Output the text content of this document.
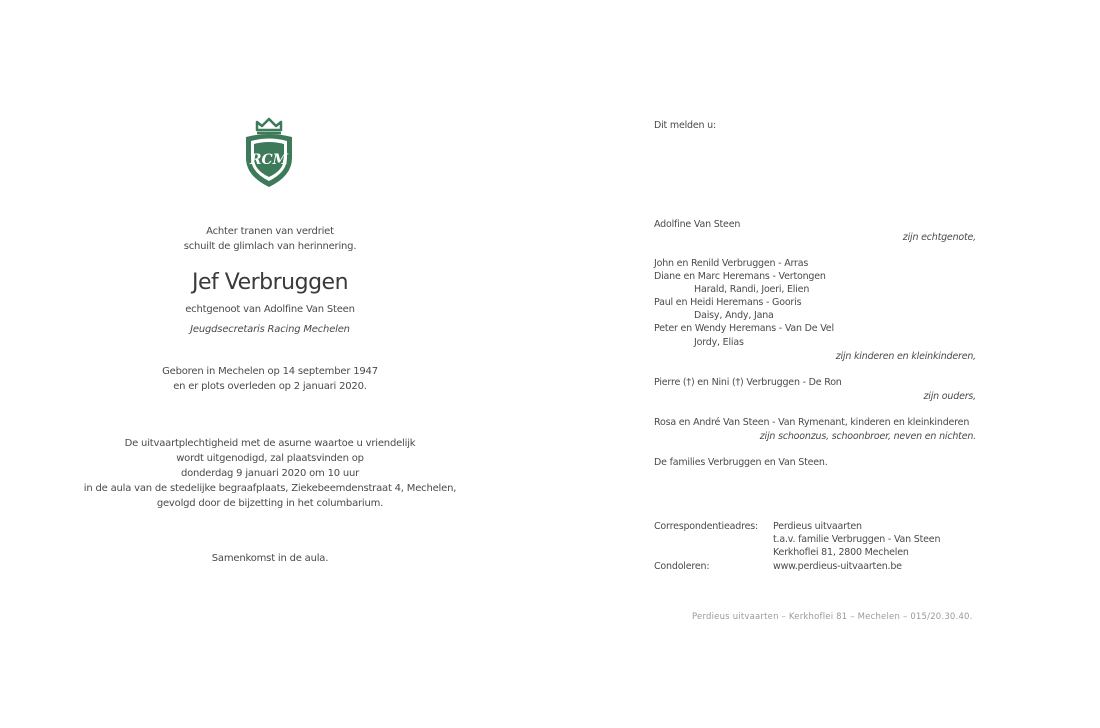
RCM
Achter tranen van verdriet
schuilt de glimlach van herinnering.
Jef Verbruggen
echtgenoot van Adolfine Van Steen
Jeugdsecretaris Racing Mechelen
Geboren in Mechelen op 14 september 1947
en er plots overleden op 2 januari 2020.
De uitvaartplechtigheid met de asurne waartoe u vriendelijk
wordt uitgenodigd, zal plaatsvinden op
donderdag 9 januari 2020 om 10 uur
in de aula van de stedelijke begraafplaats, Ziekebeemdenstraat 4, Mechelen,
gevolgd door de bijzetting in het columbarium.
Samenkomst in de aula.
Dit melden u:
Adolfine Van Steen
zijn echtgenote,
John en Renild Verbruggen - Arras
Diane en Marc Heremans - Vertongen
Harald, Randi, Joeri, Elien
Paul en Heidi Heremans - Gooris
Daisy, Andy, Jana
Peter en Wendy Heremans - Van De Vel
Jordy, Elias
zijn kinderen en kleinkinderen,
Pierre (†) en Nini (†) Verbruggen - De Ron
zijn ouders,
Rosa en André Van Steen - Van Rymenant, kinderen en kleinkinderen
zijn schoonzus, schoonbroer, neven en nichten.
De families Verbruggen en Van Steen.
Correspondentieadres: Perdieus uitvaarten
t.a.v. familie Verbruggen - Van Steen
Kerkhoflei 81, 2800 Mechelen
Condoleren:	www.perdieus-uitvaarten.be
Perdieus uitvaarten – Kerkhoflei 81 – Mechelen – 015/20.30.40.
